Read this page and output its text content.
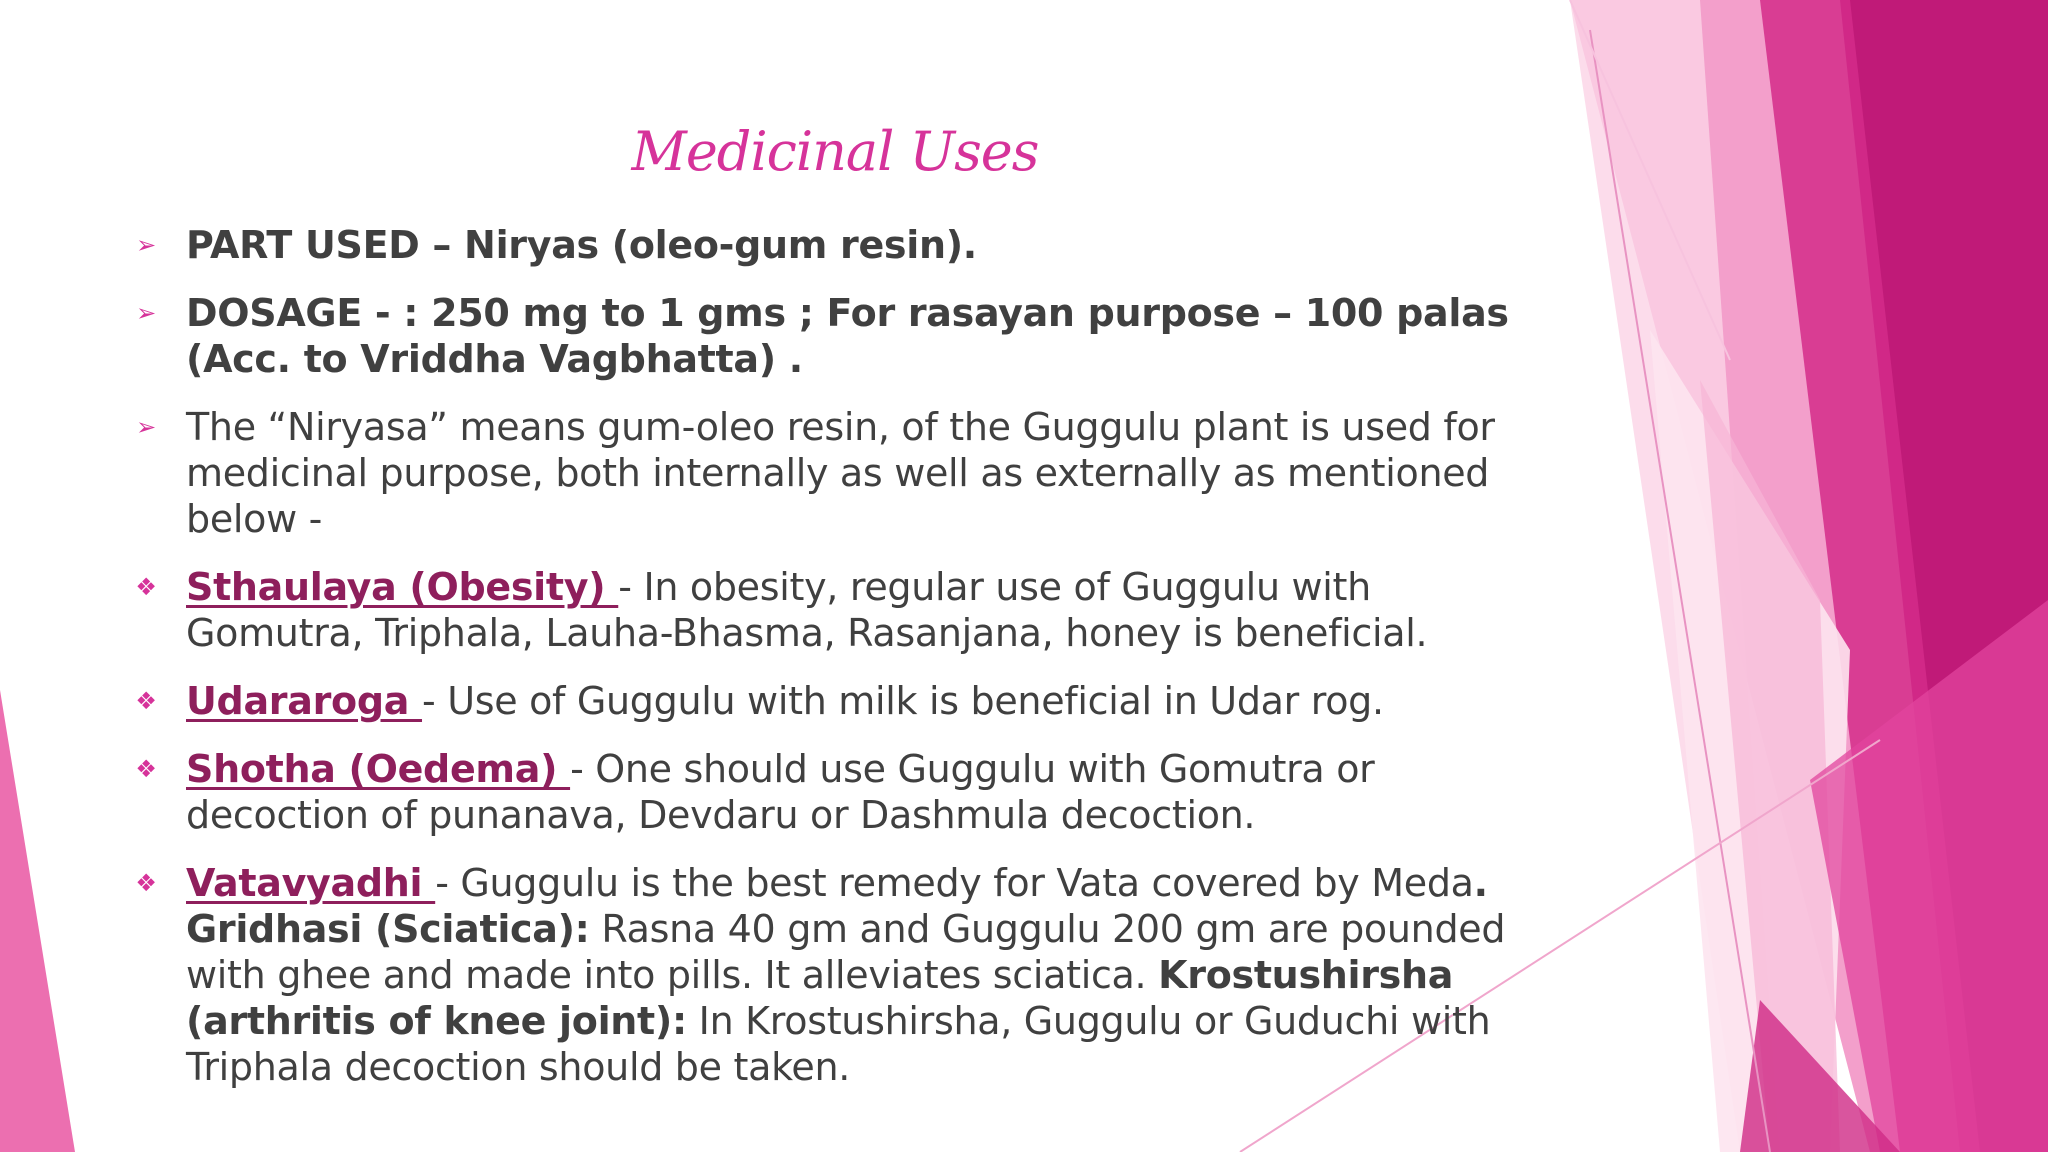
Medicinal Uses
➢ PART USED – Niryas (oleo-gum resin).
➢ DOSAGE - : 250 mg to 1 gms ; For rasayan purpose – 100 palas (Acc. to Vriddha Vagbhatta) .
➢ The “Niryasa” means gum-oleo resin, of the Guggulu plant is used for medicinal purpose, both internally as well as externally as mentioned below -
❖ Sthaulaya (Obesity) - In obesity, regular use of Guggulu with Gomutra, Triphala, Lauha-Bhasma, Rasanjana, honey is beneficial.
❖ Udararoga - Use of Guggulu with milk is beneficial in Udar rog.
❖ Shotha (Oedema) - One should use Guggulu with Gomutra or decoction of punanava, Devdaru or Dashmula decoction.
❖ Vatavyadhi - Guggulu is the best remedy for Vata covered by Meda. Gridhasi (Sciatica): Rasna 40 gm and Guggulu 200 gm are pounded with ghee and made into pills. It alleviates sciatica. Krostushirsha (arthritis of knee joint): In Krostushirsha, Guggulu or Guduchi with Triphala decoction should be taken.
